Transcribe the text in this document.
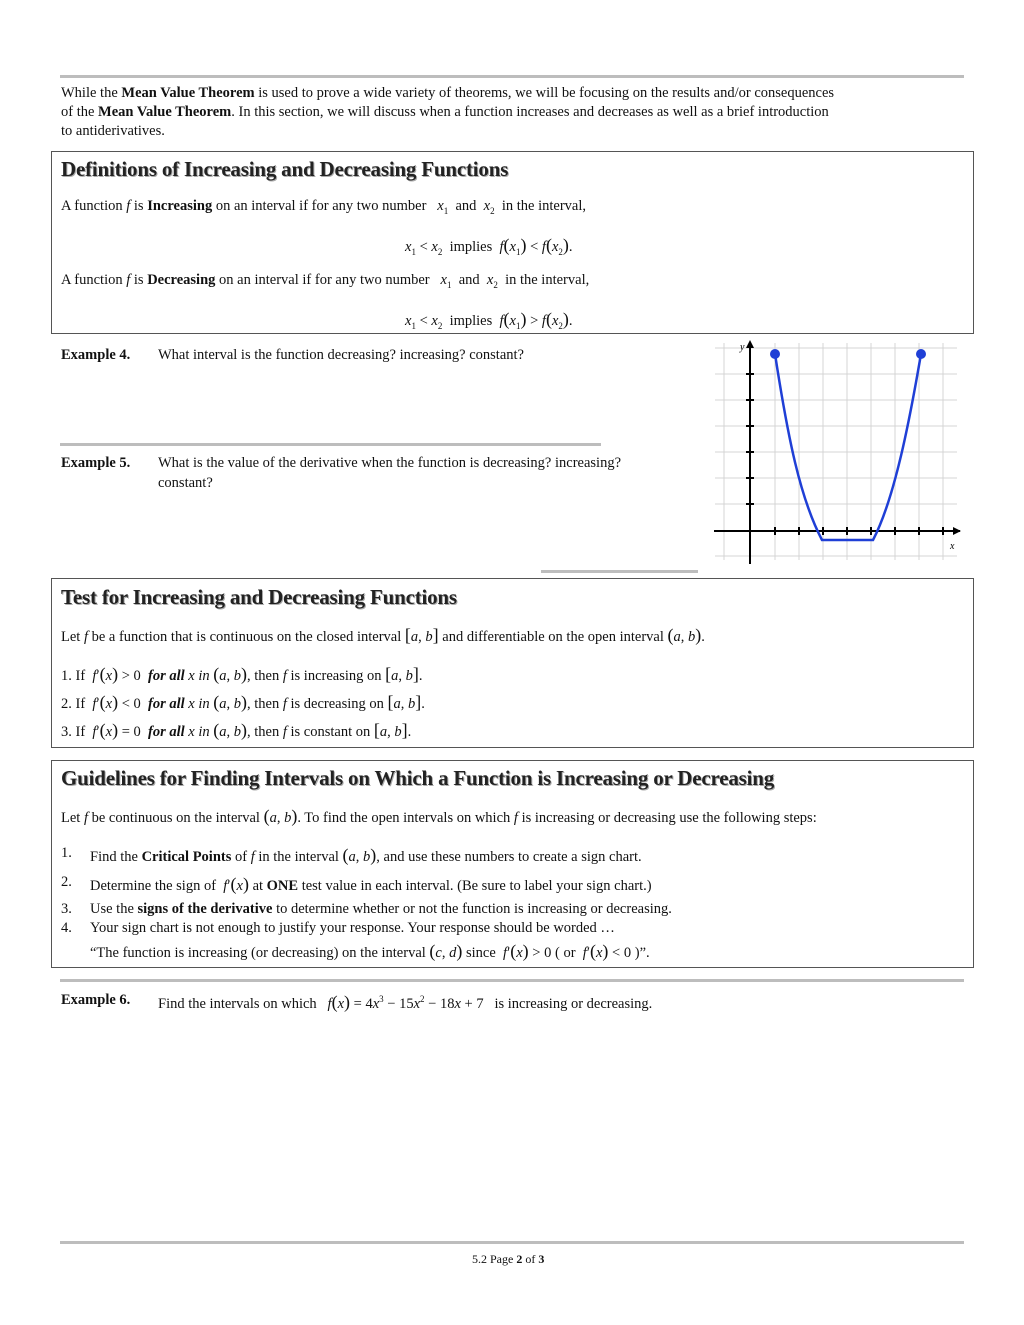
While the Mean Value Theorem is used to prove a wide variety of theorems, we will be focusing on the results and/or consequences
of the Mean Value Theorem. In this section, we will discuss when a function increases and decreases as well as a brief introduction
to antiderivatives.
Definitions of Increasing and Decreasing Functions
A function f is Increasing on an interval if for any two number $x_1$ and $x_2$ in the interval,
$x_1 < x_2$ implies $f(x_1) < f(x_2)$.
A function f is Decreasing on an interval if for any two number $x_1$ and $x_2$ in the interval,
$x_1 < x_2$ implies $f(x_1) > f(x_2)$.
Example 4. What interval is the function decreasing? increasing? constant?
Example 5. What is the value of the derivative when the function is decreasing? increasing?
constant?
y
x
Test for Increasing and Decreasing Functions
Let f be a function that is continuous on the closed interval [a, b] and differentiable on the open interval (a, b).
1. If  f′(x) > 0  for all x in (a, b), then f is increasing on [a, b].
2. If  f′(x) < 0  for all x in (a, b), then f is decreasing on [a, b].
3. If  f′(x) = 0  for all x in (a, b), then f is constant on [a, b].
Guidelines for Finding Intervals on Which a Function is Increasing or Decreasing
Let f be continuous on the interval (a, b). To find the open intervals on which f is increasing or decreasing use the following steps:
1. Find the Critical Points of f in the interval (a, b), and use these numbers to create a sign chart.
2. Determine the sign of  f′(x) at ONE test value in each interval. (Be sure to label your sign chart.)
3. Use the signs of the derivative to determine whether or not the function is increasing or decreasing.
4. Your sign chart is not enough to justify your response. Your response should be worded …
“The function is increasing (or decreasing) on the interval (c, d) since  f′(x) > 0 ( or  f′(x) < 0 )”.
Example 6. Find the intervals on which $f(x) = 4x^3 - 15x^2 - 18x + 7$   is increasing or decreasing.
5.2 Page 2 of 3
